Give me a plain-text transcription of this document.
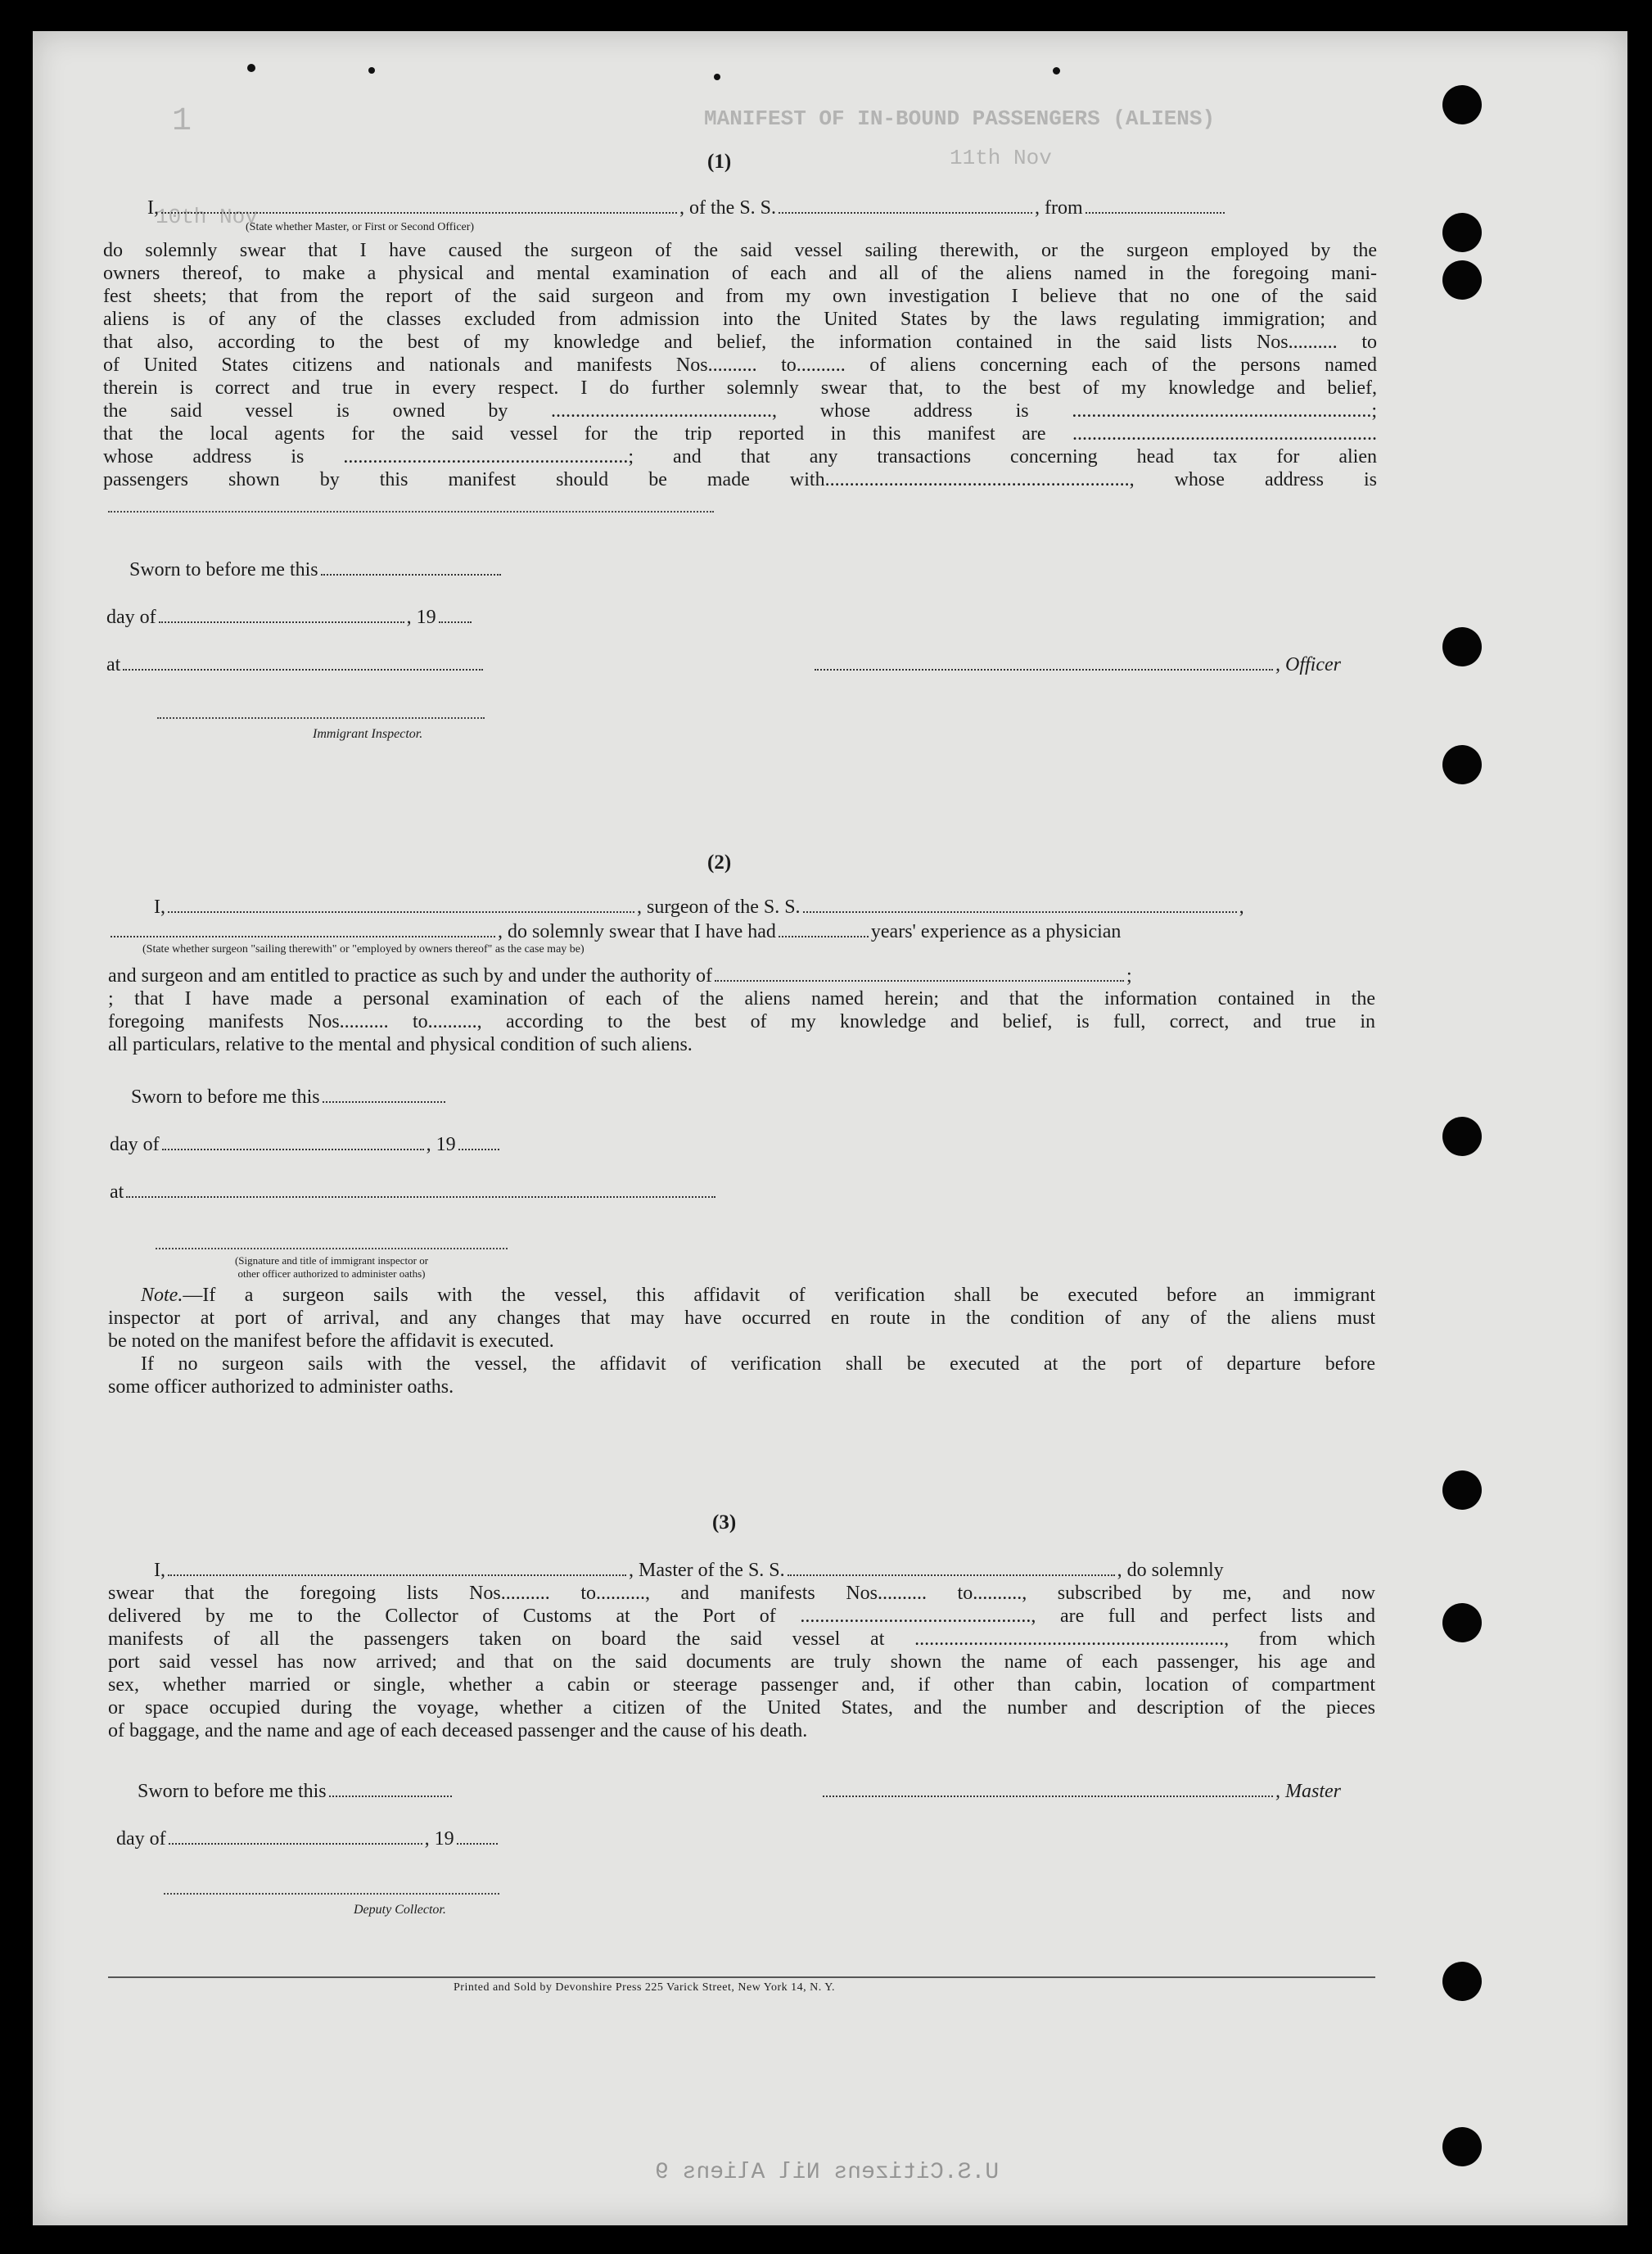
MANIFEST OF IN-BOUND PASSENGERS (ALIENS)
1
11th Nov
10th Nov
U.S.Citizens Nil Aliens 9
(1)
I,	, of the S. S.	, from
(State whether Master, or First or Second Officer)
do solemnly swear that I have caused the surgeon of the said vessel sailing therewith, or the surgeon employed by the
owners thereof, to make a physical and mental examination of each and all of the aliens named in the foregoing mani-
fest sheets; that from the report of the said surgeon and from my own investigation I believe that no one of the said
aliens is of any of the classes excluded from admission into the United States by the laws regulating immigration; and
that also, according to the best of my knowledge and belief, the information contained in the said lists Nos.......... to
of United States citizens and nationals and manifests Nos.......... to.......... of aliens concerning each of the persons named
therein is correct and true in every respect. I do further solemnly swear that, to the best of my knowledge and belief,
the said vessel is owned by ............................................., whose address is .............................................................;
that the local agents for the said vessel for the trip reported in this manifest are ..............................................................
whose address is ..........................................................; and that any transactions concerning head tax for alien
passengers shown by this manifest should be made with.............................................................., whose address is
Sworn to before me this
day of	, 19
at	, Officer
Immigrant Inspector.
(2)
I,	, surgeon of the S. S.	,
, do solemnly swear that I have had	years' experience as a physician
(State whether surgeon "sailing therewith" or "employed by owners thereof" as the case may be)
and surgeon and am entitled to practice as such by and under the authority of	;
; that I have made a personal examination of each of the aliens named herein; and that the information contained in the
foregoing manifests Nos.......... to.........., according to the best of my knowledge and belief, is full, correct, and true in
all particulars, relative to the mental and physical condition of such aliens.
Sworn to before me this
day of	, 19
at
(Signature and title of immigrant inspector or
other officer authorized to administer oaths)
Note.—If a surgeon sails with the vessel, this affidavit of verification shall be executed before an immigrant
inspector at port of arrival, and any changes that may have occurred en route in the condition of any of the aliens must
be noted on the manifest before the affidavit is executed.
If no surgeon sails with the vessel, the affidavit of verification shall be executed at the port of departure before
some officer authorized to administer oaths.
(3)
I,	, Master of the S. S.	, do solemnly
swear that the foregoing lists Nos.......... to.........., and manifests Nos.......... to.........., subscribed by me, and now
delivered by me to the Collector of Customs at the Port of ..............................................., are full and perfect lists and
manifests of all the passengers taken on board the said vessel at ..............................................................., from which
port said vessel has now arrived; and that on the said documents are truly shown the name of each passenger, his age and
sex, whether married or single, whether a cabin or steerage passenger and, if other than cabin, location of compartment
or space occupied during the voyage, whether a citizen of the United States, and the number and description of the pieces
of baggage, and the name and age of each deceased passenger and the cause of his death.
Sworn to before me this	, Master
day of	, 19
Deputy Collector.
Printed and Sold by Devonshire Press 225 Varick Street, New York 14, N. Y.
